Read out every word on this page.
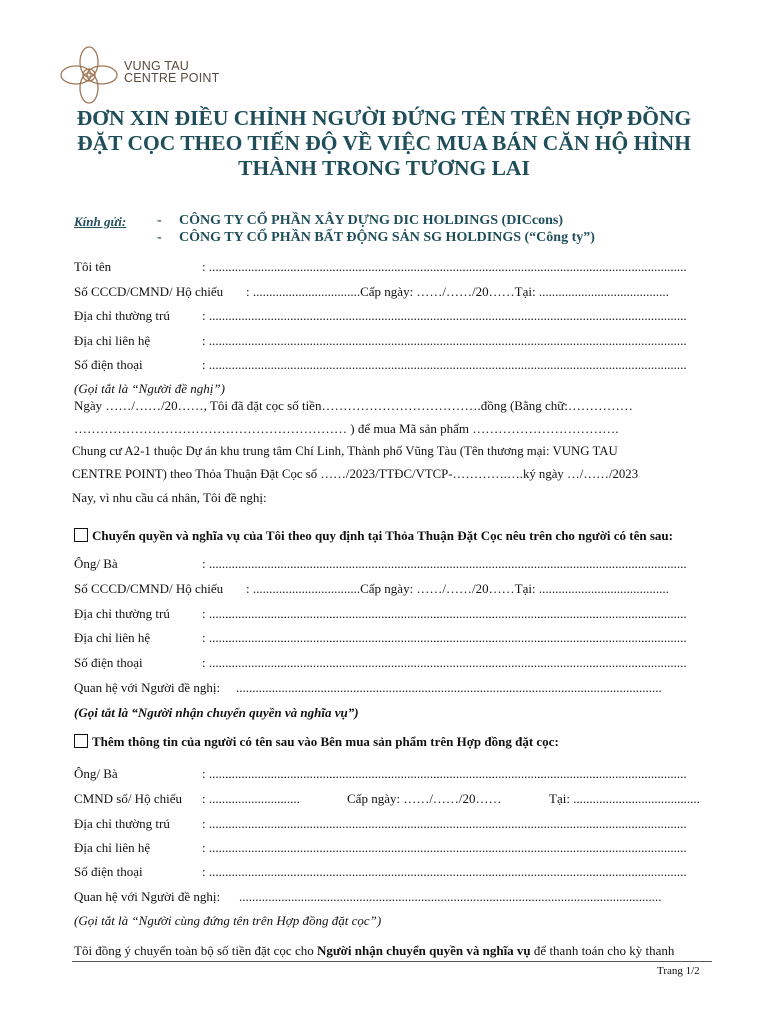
VUNG TAU
CENTRE POINT
ĐƠN XIN ĐIỀU CHỈNH NGƯỜI ĐỨNG TÊN TRÊN HỢP ĐỒNG
ĐẶT CỌC THEO TIẾN ĐỘ VỀ VIỆC MUA BÁN CĂN HỘ HÌNH
THÀNH TRONG TƯƠNG LAI
Kính gửi: - CÔNG TY CỔ PHẦN XÂY DỰNG DIC HOLDINGS (DICcons)
- CÔNG TY CỔ PHẦN BẤT ĐỘNG SẢN SG HOLDINGS (“Công ty”)
Tôi tên	: ...................................................................................................................................................
Số CCCD/CMND/ Hộ chiếu : .................................Cấp ngày: ……/……/20……Tại: ........................................
Địa chỉ thường trú : ...................................................................................................................................................
Địa chỉ liên hệ	: ...................................................................................................................................................
Số điện thoại	: ...................................................................................................................................................
(Gọi tắt là “Người đề nghị”)
Ngày ……/……/20……, Tôi đã đặt cọc số tiền……………………………….đồng (Bằng chữ:……………
……………………………………………………… ) để mua Mã sản phẩm …………………………….
Chung cư A2-1 thuộc Dự án khu trung tâm Chí Linh, Thành phố Vũng Tàu (Tên thương mại: VUNG TAU
CENTRE POINT) theo Thỏa Thuận Đặt Cọc số ……/2023/TTĐC/VTCP-………….….ký ngày …/……/2023
Nay, vì nhu cầu cá nhân, Tôi đề nghị:
Chuyển quyền và nghĩa vụ của Tôi theo quy định tại Thỏa Thuận Đặt Cọc nêu trên cho người có tên sau:
Ông/ Bà	: ...................................................................................................................................................
Số CCCD/CMND/ Hộ chiếu : .................................Cấp ngày: ……/……/20……Tại: ........................................
Địa chỉ thường trú : ...................................................................................................................................................
Địa chỉ liên hệ	: ...................................................................................................................................................
Số điện thoại	: ...................................................................................................................................................
Quan hệ với Người đề nghị: ...................................................................................................................................
(Gọi tắt là “Người nhận chuyển quyền và nghĩa vụ”)
Thêm thông tin của người có tên sau vào Bên mua sản phẩm trên Hợp đồng đặt cọc:
Ông/ Bà	: ...................................................................................................................................................
CMND số/ Hộ chiếu : ............................	Cấp ngày: ……/……/20……	Tại: .......................................
Địa chỉ thường trú : ...................................................................................................................................................
Địa chỉ liên hệ	: ...................................................................................................................................................
Số điện thoại	: ...................................................................................................................................................
Quan hệ với Người đề nghị: ..................................................................................................................................
(Gọi tắt là “Người cùng đứng tên trên Hợp đồng đặt cọc”)
Tôi đồng ý chuyển toàn bộ số tiền đặt cọc cho Người nhận chuyển quyền và nghĩa vụ để thanh toán cho kỳ thanh
Trang 1/2
